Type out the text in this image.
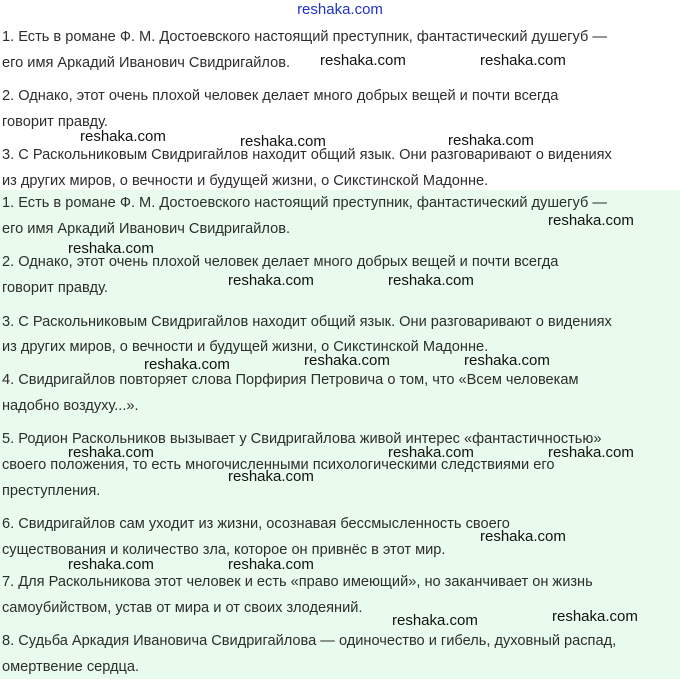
reshaka.com
1. Есть в романе Ф. М. Достоевского настоящий преступник, фантастический душегуб —
его имя Аркадий Иванович Свидригайлов.
2. Однако, этот очень плохой человек делает много добрых вещей и почти всегда
говорит правду.
3. С Раскольниковым Свидригайлов находит общий язык. Они разговаривают о видениях
из других миров, о вечности и будущей жизни, о Сикстинской Мадонне.
1. Есть в романе Ф. М. Достоевского настоящий преступник, фантастический душегуб —
его имя Аркадий Иванович Свидригайлов.
2. Однако, этот очень плохой человек делает много добрых вещей и почти всегда
говорит правду.
3. С Раскольниковым Свидригайлов находит общий язык. Они разговаривают о видениях
из других миров, о вечности и будущей жизни, о Сикстинской Мадонне.
4. Свидригайлов повторяет слова Порфирия Петровича о том, что «Всем человекам
надобно воздуху...».
5. Родион Раскольников вызывает у Свидригайлова живой интерес «фантастичностью»
своего положения, то есть многочисленными психологическими следствиями его
преступления.
6. Свидригайлов сам уходит из жизни, осознавая бессмысленность своего
существования и количество зла, которое он привнёс в этот мир.
7. Для Раскольникова этот человек и есть «право имеющий», но заканчивает он жизнь
самоубийством, устав от мира и от своих злодеяний.
8. Судьба Аркадия Ивановича Свидригайлова — одиночество и гибель, духовный распад,
омертвение сердца.
reshaka.com	reshaka.com
reshaka.com	reshaka.com	reshaka.com
reshaka.com
reshaka.com
reshaka.com	reshaka.com
reshaka.com	reshaka.com
reshaka.com
reshaka.com	reshaka.com	reshaka.com
reshaka.com
reshaka.com
reshaka.com	reshaka.com
reshaka.com
reshaka.com
